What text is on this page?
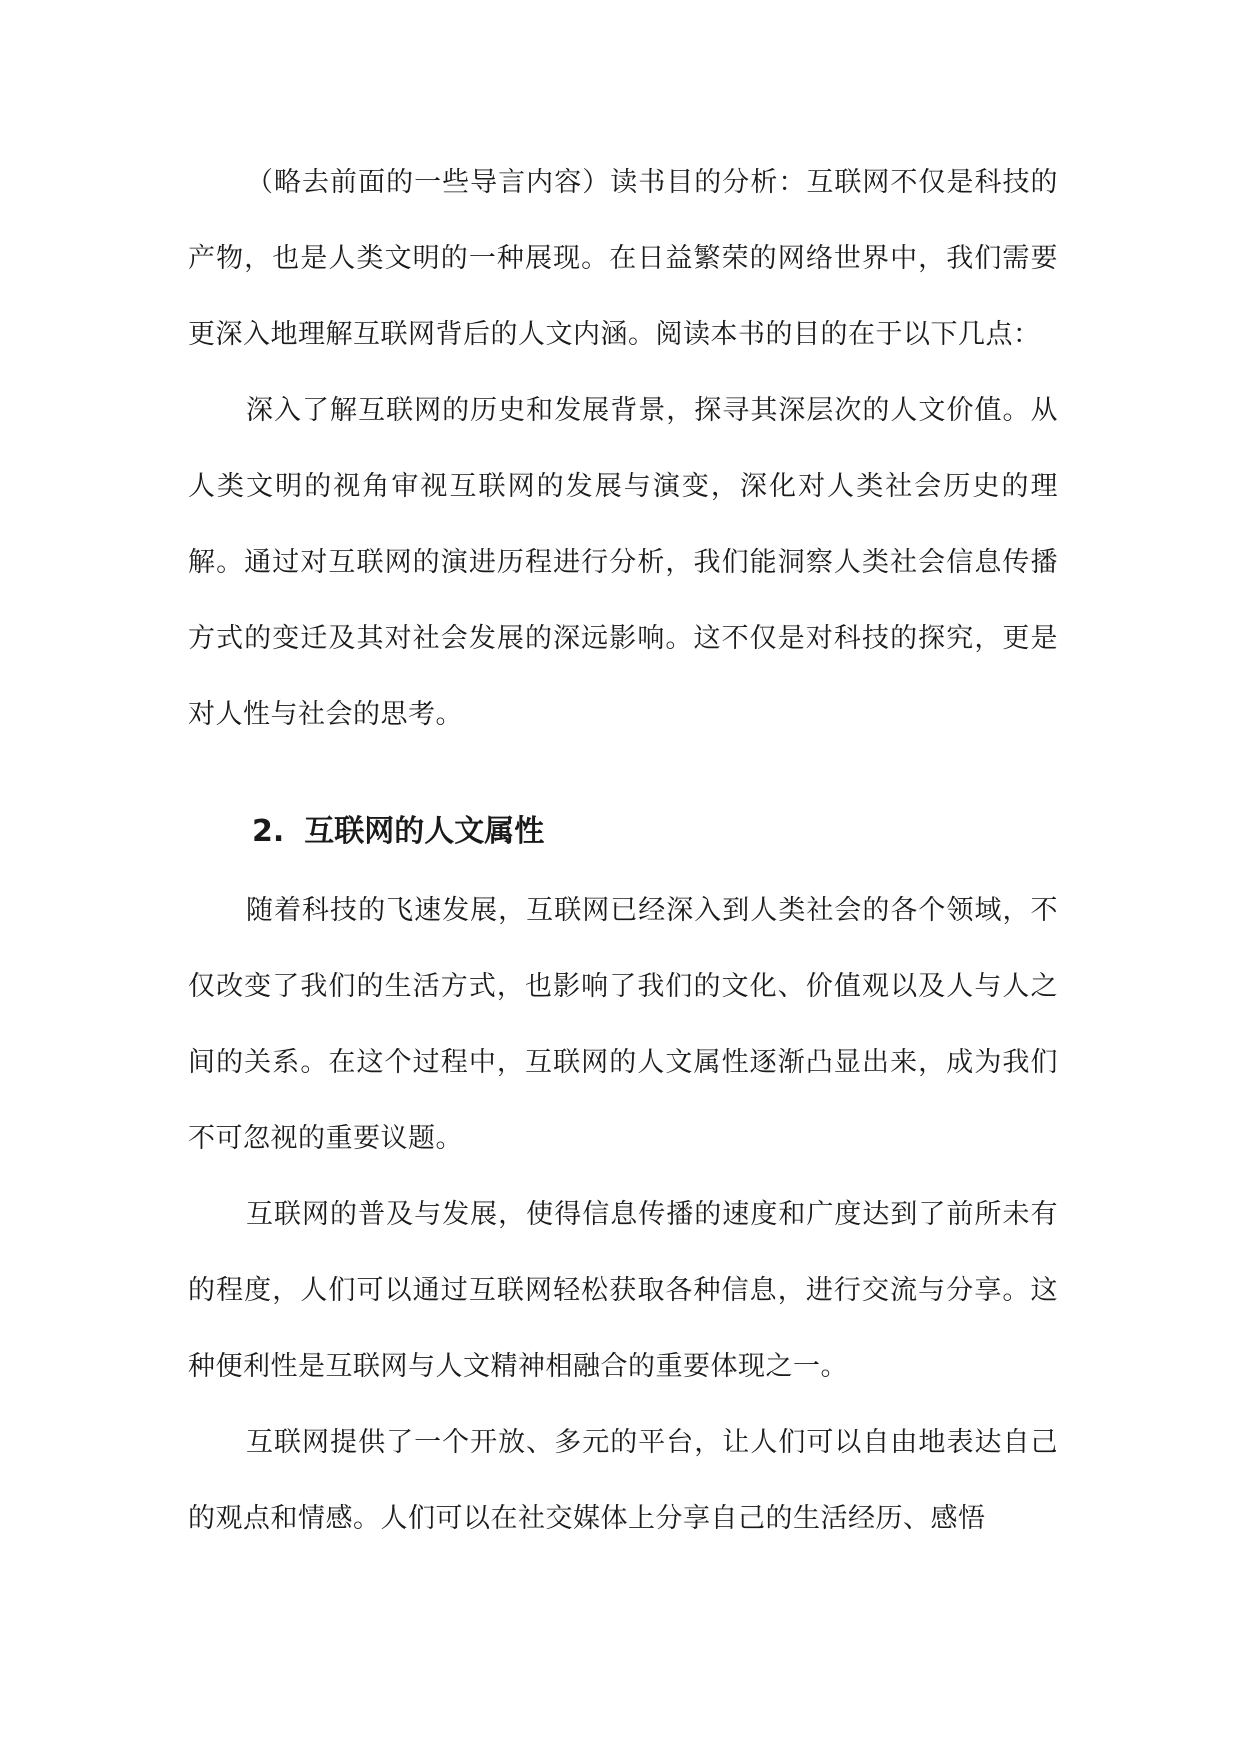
（略去前面的一些导言内容）读书目的分析：互联网不仅是科技的产物，也是人类文明的一种展现。在日益繁荣的网络世界中，我们需要更深入地理解互联网背后的人文内涵。阅读本书的目的在于以下几点：

深入了解互联网的历史和发展背景，探寻其深层次的人文价值。从人类文明的视角审视互联网的发展与演变，深化对人类社会历史的理解。通过对互联网的演进历程进行分析，我们能洞察人类社会信息传播方式的变迁及其对社会发展的深远影响。这不仅是对科技的探究，更是对人性与社会的思考。

2. 互联网的人文属性

随着科技的飞速发展，互联网已经深入到人类社会的各个领域，不仅改变了我们的生活方式，也影响了我们的文化、价值观以及人与人之间的关系。在这个过程中，互联网的人文属性逐渐凸显出来，成为我们不可忽视的重要议题。

互联网的普及与发展，使得信息传播的速度和广度达到了前所未有的程度，人们可以通过互联网轻松获取各种信息，进行交流与分享。这种便利性是互联网与人文精神相融合的重要体现之一。

互联网提供了一个开放、多元的平台，让人们可以自由地表达自己的观点和情感。人们可以在社交媒体上分享自己的生活经历、感悟
